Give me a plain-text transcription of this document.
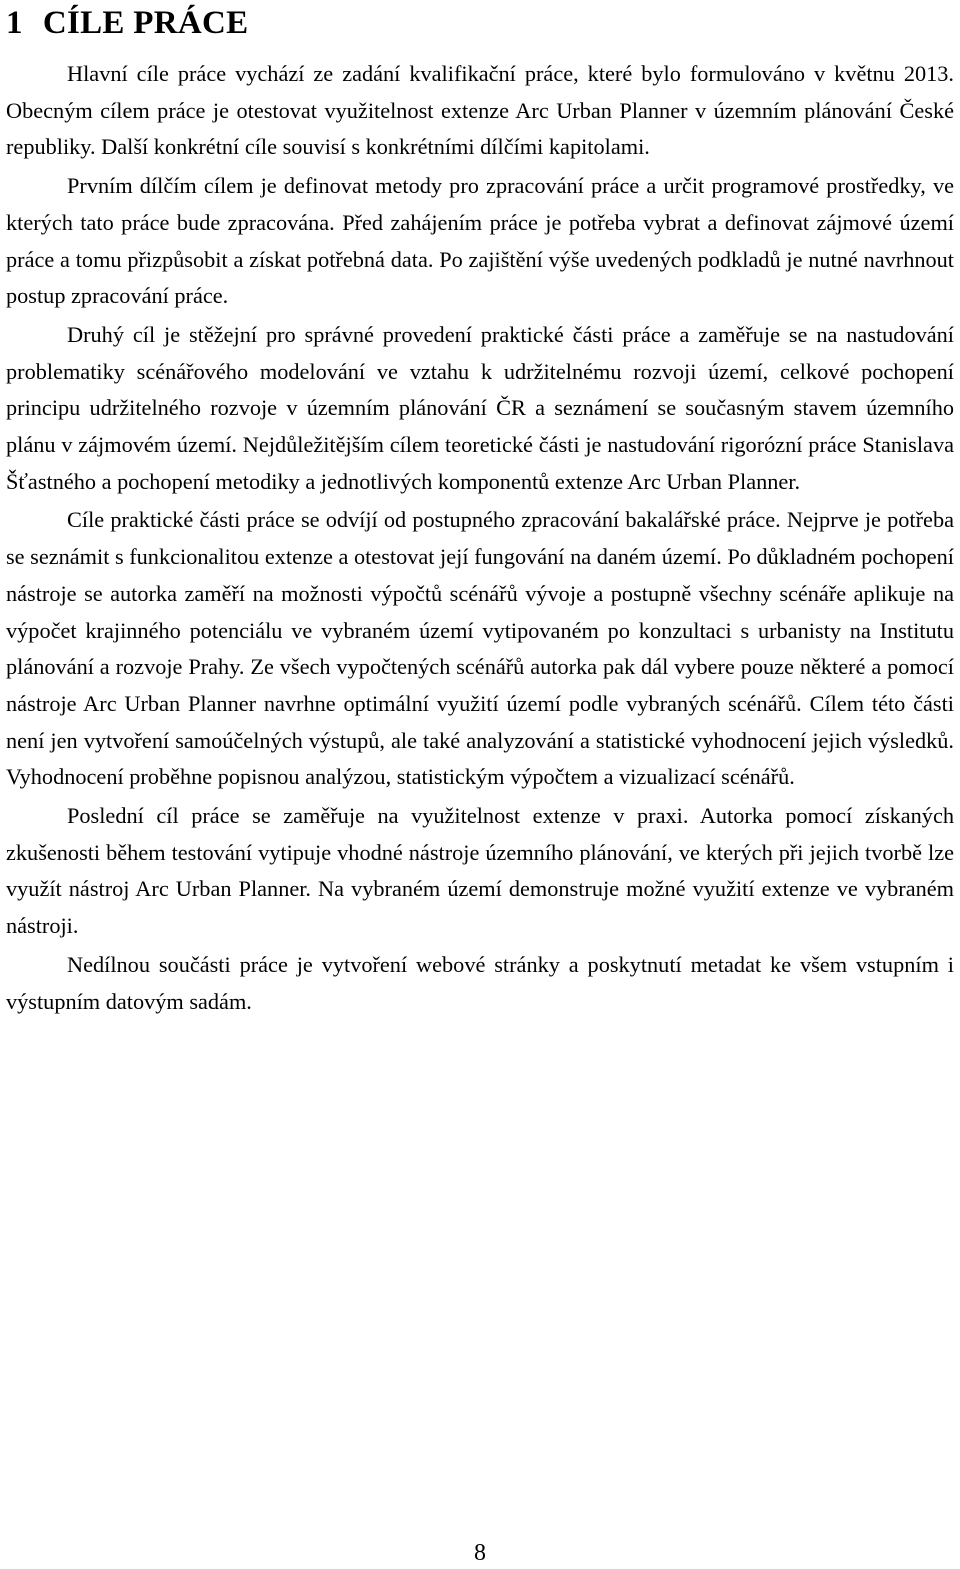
1 CÍLE PRÁCE

Hlavní cíle práce vychází ze zadání kvalifikační práce, které bylo formulováno v květnu 2013. Obecným cílem práce je otestovat využitelnost extenze Arc Urban Planner v územním plánování České republiky. Další konkrétní cíle souvisí s konkrétními dílčími kapitolami.

Prvním dílčím cílem je definovat metody pro zpracování práce a určit programové prostředky, ve kterých tato práce bude zpracována. Před zahájením práce je potřeba vybrat a definovat zájmové území práce a tomu přizpůsobit a získat potřebná data. Po zajištění výše uvedených podkladů je nutné navrhnout postup zpracování práce.

Druhý cíl je stěžejní pro správné provedení praktické části práce a zaměřuje se na nastudování problematiky scénářového modelování ve vztahu k udržitelnému rozvoji území, celkové pochopení principu udržitelného rozvoje v územním plánování ČR a seznámení se současným stavem územního plánu v zájmovém území. Nejdůležitějším cílem teoretické části je nastudování rigorózní práce Stanislava Šťastného a pochopení metodiky a jednotlivých komponentů extenze Arc Urban Planner.

Cíle praktické části práce se odvíjí od postupného zpracování bakalářské práce. Nejprve je potřeba se seznámit s funkcionalitou extenze a otestovat její fungování na daném území. Po důkladném pochopení nástroje se autorka zaměří na možnosti výpočtů scénářů vývoje a postupně všechny scénáře aplikuje na výpočet krajinného potenciálu ve vybraném území vytipovaném po konzultaci s urbanisty na Institutu plánování a rozvoje Prahy. Ze všech vypočtených scénářů autorka pak dál vybere pouze některé a pomocí nástroje Arc Urban Planner navrhne optimální využití území podle vybraných scénářů. Cílem této části není jen vytvoření samoúčelných výstupů, ale také analyzování a statistické vyhodnocení jejich výsledků. Vyhodnocení proběhne popisnou analýzou, statistickým výpočtem a vizualizací scénářů.

Poslední cíl práce se zaměřuje na využitelnost extenze v praxi. Autorka pomocí získaných zkušenosti během testování vytipuje vhodné nástroje územního plánování, ve kterých při jejich tvorbě lze využít nástroj Arc Urban Planner. Na vybraném území demonstruje možné využití extenze ve vybraném nástroji.

Nedílnou součásti práce je vytvoření webové stránky a poskytnutí metadat ke všem vstupním i výstupním datovým sadám.

8
